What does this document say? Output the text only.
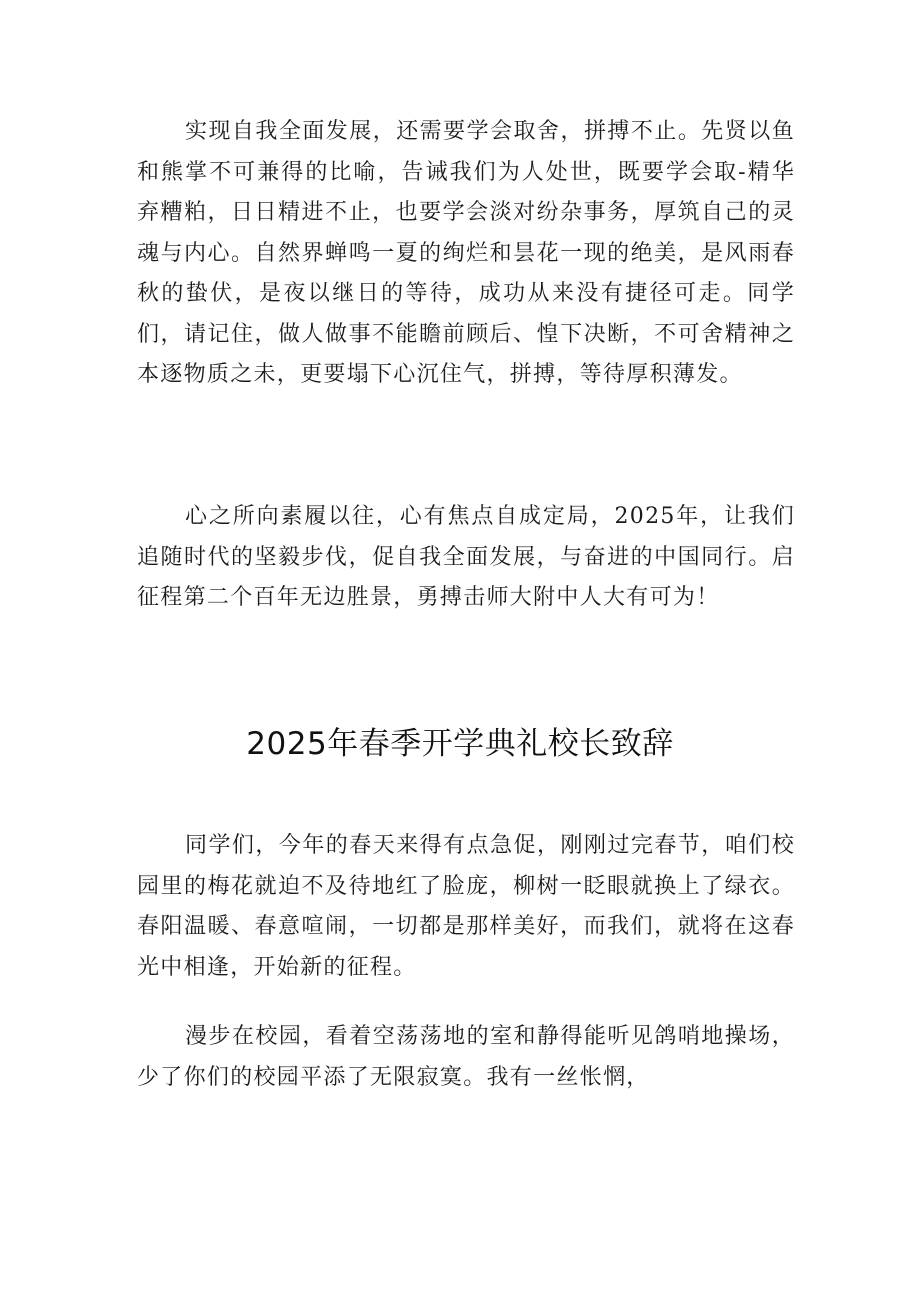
实现自我全面发展，还需要学会取舍，拼搏不止。先贤以鱼和熊掌不可兼得的比喻，告诫我们为人处世，既要学会取-精华弃糟粕，日日精进不止，也要学会淡对纷杂事务，厚筑自己的灵魂与内心。自然界蝉鸣一夏的绚烂和昙花一现的绝美，是风雨春秋的蛰伏，是夜以继日的等待，成功从来没有捷径可走。同学们，请记住，做人做事不能瞻前顾后、惶下决断，不可舍精神之本逐物质之未，更要塌下心沉住气，拼搏，等待厚积薄发。

心之所向素履以往，心有焦点自成定局，2025年，让我们追随时代的坚毅步伐，促自我全面发展，与奋进的中国同行。启征程第二个百年无边胜景，勇搏击师大附中人大有可为！

2025年春季开学典礼校长致辞

同学们，今年的春天来得有点急促，刚刚过完春节，咱们校园里的梅花就迫不及待地红了脸庞，柳树一眨眼就换上了绿衣。春阳温暖、春意喧闹，一切都是那样美好，而我们，就将在这春光中相逢，开始新的征程。

漫步在校园，看着空荡荡地的室和静得能听见鸽哨地操场，少了你们的校园平添了无限寂寞。我有一丝怅惘，
